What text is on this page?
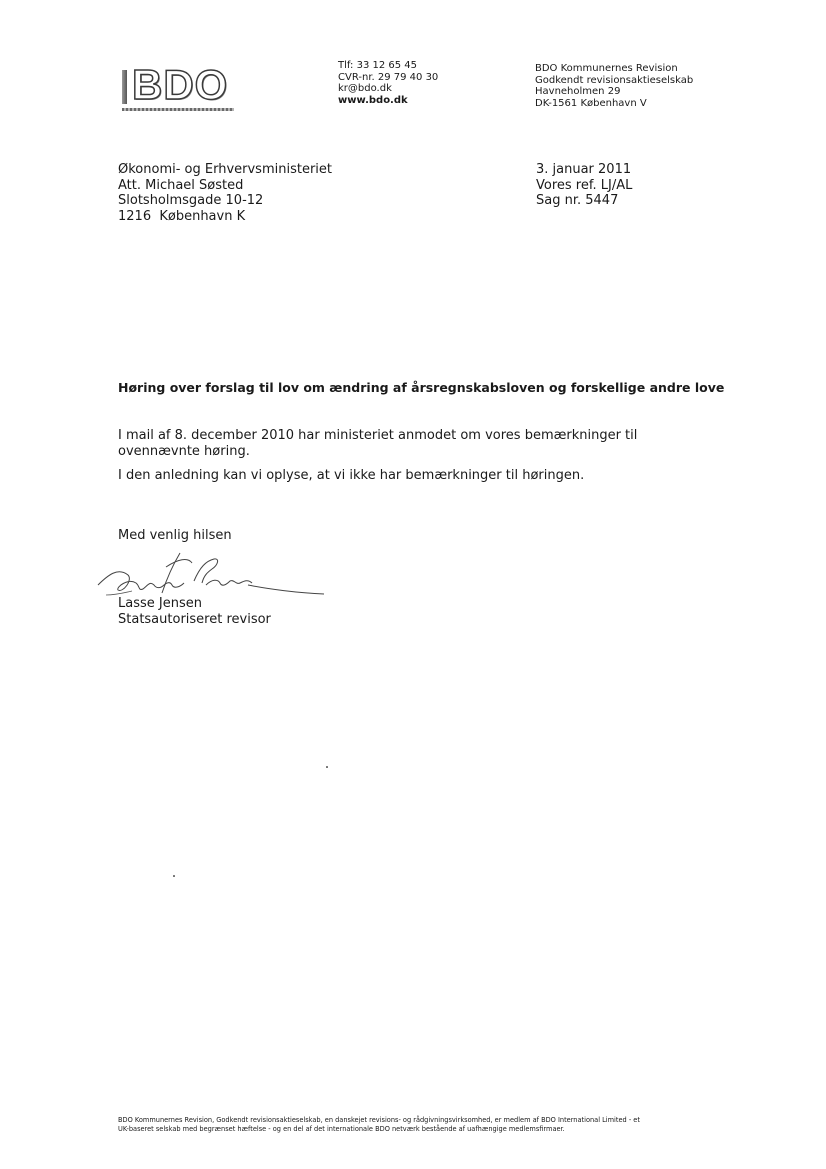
BDO	Tlf: 33 12 65 45
CVR-nr. 29 79 40 30
kr@bdo.dk
www.bdo.dk
BDO Kommunernes Revision
Godkendt revisionsaktieselskab
Havneholmen 29
DK-1561 København V
Økonomi- og Erhvervsministeriet
Att. Michael Søsted
Slotsholmsgade 10-12
1216  København K
3. januar 2011
Vores ref. LJ/AL
Sag nr. 5447
Høring over forslag til lov om ændring af årsregnskabsloven og forskellige andre love

I mail af 8. december 2010 har ministeriet anmodet om vores bemærkninger til ovennævnte høring.

I den anledning kan vi oplyse, at vi ikke har bemærkninger til høringen.

Med venlig hilsen
Lasse Jensen
Statsautoriseret revisor
BDO Kommunernes Revision, Godkendt revisionsaktieselskab, en danskejet revisions- og rådgivningsvirksomhed, er medlem af BDO International Limited - et
UK-baseret selskab med begrænset hæftelse - og en del af det internationale BDO netværk bestående af uafhængige medlemsfirmaer.
